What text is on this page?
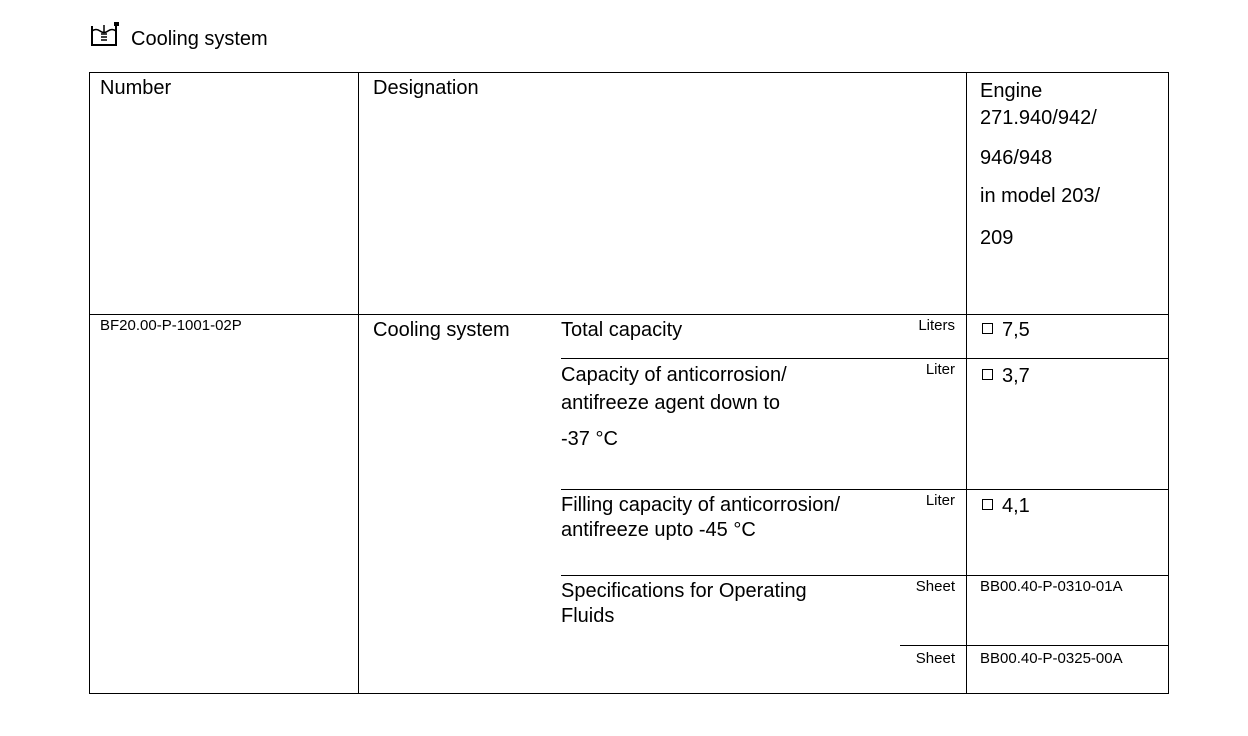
Cooling system
Number	Designation	Engine
271.940/942/
946/948
in model 203/
209
BF20.00-P-1001-02P	Cooling system	Total capacity	Liters	7,5
Capacity of anticorrosion/
antifreeze agent down to
-37 °C
Liter	3,7
Filling capacity of anticorrosion/
antifreeze upto -45 °C
Liter	4,1
Specifications for Operating
Fluids
Sheet BB00.40-P-0310-01A
Sheet BB00.40-P-0325-00A
